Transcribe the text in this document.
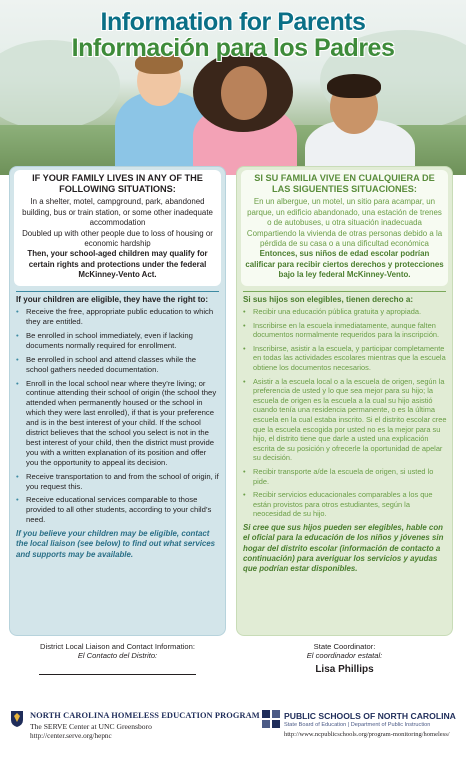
Information for Parents
Información para los Padres
IF YOUR FAMILY LIVES IN ANY OF THE FOLLOWING SITUATIONS:

In a shelter, motel, campground, park, abandoned building, bus or train station, or some other inadequate accommodation

Doubled up with other people due to loss of housing or economic hardship

Then, your school-aged children may qualify for certain rights and protections under the federal McKinney-Vento Act.

If your children are eligible, they have the right to:

• Receive the free, appropriate public education to which they are entitled.
• Be enrolled in school immediately, even if lacking documents normally required for enrollment.
• Be enrolled in school and attend classes while the school gathers needed documentation.
• Enroll in the local school near where they’re living; or continue attending their school of origin (the school they attended when permanently housed or the school in which they were last enrolled), if that is your preference and is in the best interest of your child. If the school district believes that the school you select is not in the best interest of your child, then the district must provide you with a written explanation of its position and offer you the opportunity to appeal its decision.
• Receive transportation to and from the school of origin, if you request this.
• Receive educational services comparable to those provided to all other students, according to your child’s need.

If you believe your children may be eligible, contact the local liaison (see below) to find out what services and supports may be available.

SI SU FAMILIA VIVE EN CUALQUIERA DE LAS SIGUENTIES SITUACIONES:

En un albergue, un motel, un sitio para acampar, un parque, un edificio abandonado, una estación de trenes o de autobuses, u otra situación inadecuada

Compartiendo la vivienda de otras personas debido a la pérdida de su casa o a una dificultad económica

Entonces, sus niños de edad escolar podrían calificar para recibir ciertos derechos y protecciones bajo la ley federal McKinney-Vento.

Si sus hijos son elegibles, tienen derecho a:

• Recibir una educación pública gratuita y apropiada.
• Inscribirse en la escuela inmediatamente, aunque falten documentos normalmente requeridos para la inscripción.
• Inscribirse, asistir a la escuela, y participar completamente en todas las actividades escolares mientras que la escuela obtiene los documentos necesarios.
• Asistir a la escuela local o a la escuela de origen, según la preferencia de usted y lo que sea mejor para su hijo; la escuela de origen es la escuela a la cual su hijo asistió cuando tenía una residencia permanente, o es la última escuela en la cual estaba inscrito. Si el distrito escolar cree que la escuela escogida por usted no es la mejor para su hijo, el distrito tiene que darle a usted una explicación escrita de su posición y ofrecerle la oportunidad de apelar su decisión.
• Recibir transporte a/de la escuela de origen, si usted lo pide.
• Recibir servicios educacionales comparables a los que están provistos para otros estudiantes, según la neocesidad de su hijo.

Si cree que sus hijos pueden ser elegibles, hable con el oficial para la educación de los niños y jóvenes sin hogar del distrito escolar (información de contacto a continuación) para averiguar los servicios y ayudas que podrían estar disponibles.

District Local Liaison and Contact Information:
El Contacto del Distrito:
State Coordinator:
El coordinador estatal:
Lisa Phillips
NORTH CAROLINA HOMELESS EDUCATION PROGRAM
The SERVE Center at UNC Greensboro
http://center.serve.org/hepnc
PUBLIC SCHOOLS OF NORTH CAROLINA
State Board of Education | Department of Public Instruction
http://www.ncpublicschools.org/program-monitoring/homeless/
